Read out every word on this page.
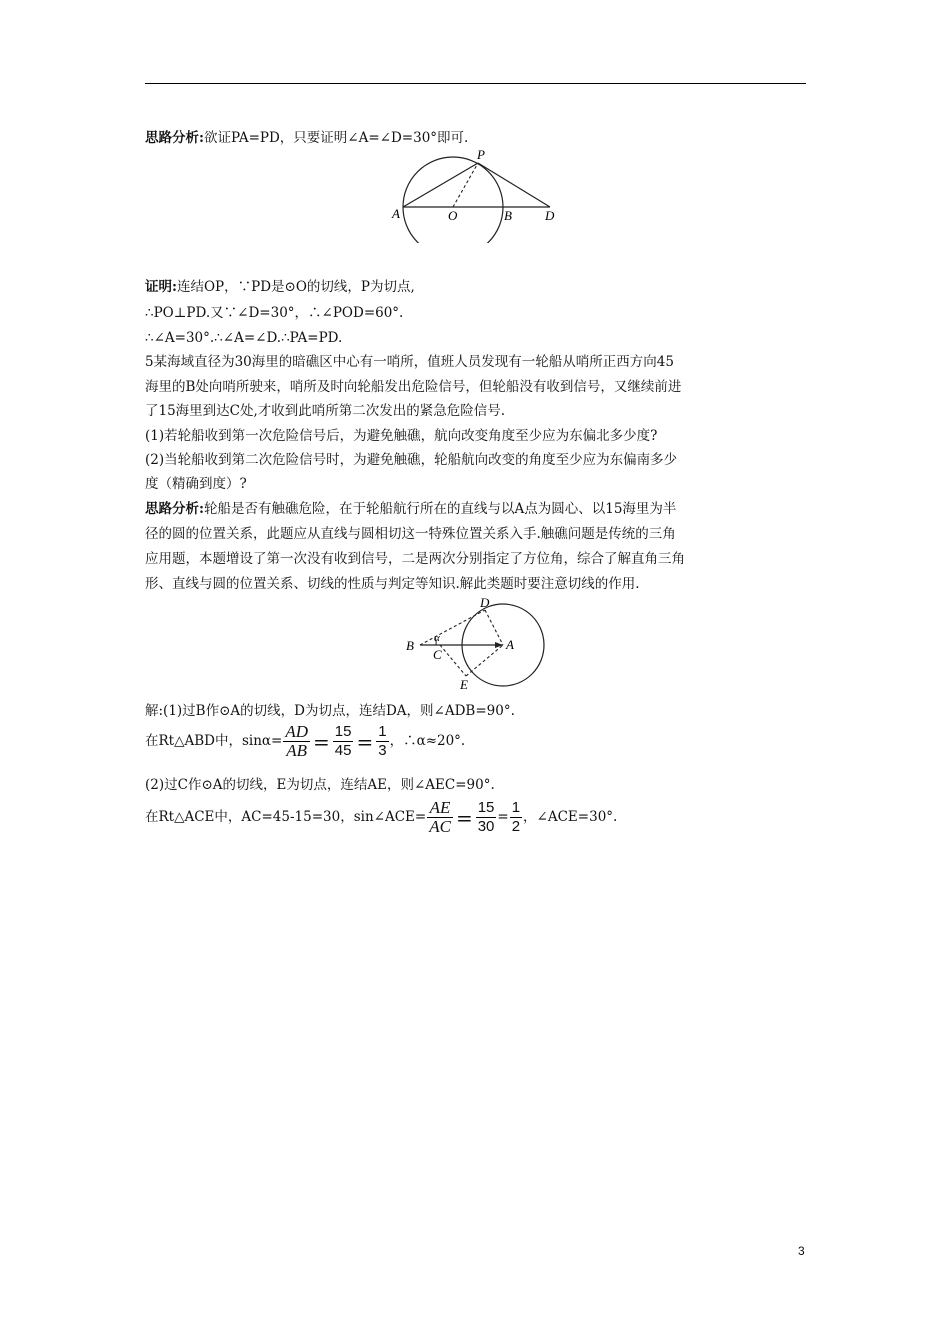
思路分析:欲证PA=PD，只要证明∠A=∠D=30°即可.
P
A	O	B	D
证明:连结OP，∵PD是⊙O的切线，P为切点,
∴PO⊥PD.又∵∠D=30°，∴∠POD=60°.
∴∠A=30°.∴∠A=∠D.∴PA=PD.
5某海域直径为30海里的暗礁区中心有一哨所，值班人员发现有一轮船从哨所正西方向45
海里的B处向哨所驶来，哨所及时向轮船发出危险信号，但轮船没有收到信号，又继续前进
了15海里到达C处,才收到此哨所第二次发出的紧急危险信号.
(1)若轮船收到第一次危险信号后，为避免触礁，航向改变角度至少应为东偏北多少度?
(2)当轮船收到第二次危险信号时，为避免触礁，轮船航向改变的角度至少应为东偏南多少
度（精确到度）?
思路分析:轮船是否有触礁危险，在于轮船航行所在的直线与以A点为圆心、以15海里为半
径的圆的位置关系，此题应从直线与圆相切这一特殊位置关系入手.触礁问题是传统的三角
应用题，本题增设了第一次没有收到信号，二是两次分别指定了方位角，综合了解直角三角
形、直线与圆的位置关系、切线的性质与判定等知识.解此类题时要注意切线的作用.
D
B α
C
A
E
解:(1)过B作⊙A的切线，D为切点，连结DA，则∠ADB=90°.
在Rt△ABD中，$\sin\alpha= \frac{AD}{AB} = \frac{15}{45} = \frac{1}{3}$ ，∴α≈20°.
(2)过C作⊙A的切线，E为切点，连结AE，则∠AEC=90°.
在Rt△ACE中，AC=45-15=30，sin∠ACE= $\frac{AE}{AC} = \frac{15}{30} = \frac{1}{2}$ ，∠ACE=30°.
3
